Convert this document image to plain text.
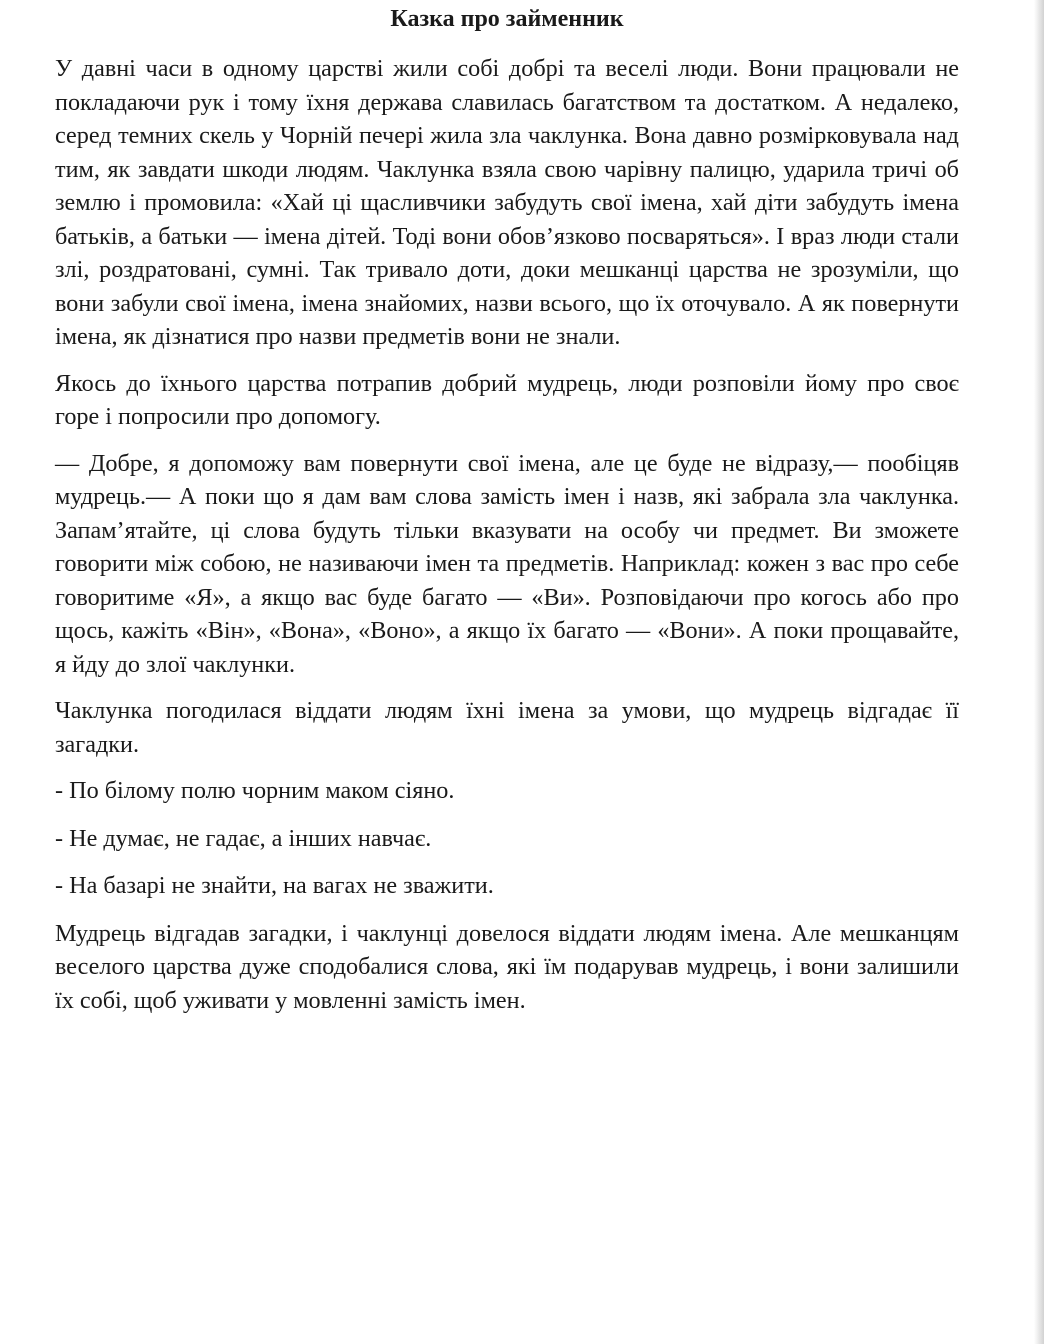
Казка про займенник

У давні часи в одному царстві жили собі добрі та веселі люди. Вони працювали не покладаючи рук і тому їхня держава славилась багатством та достатком. А недалеко, серед темних скель у Чорній печері жила зла чаклунка. Вона давно розмірковувала над тим, як завдати шкоди людям. Чаклунка взяла свою чарівну палицю, ударила тричі об землю і промовила: «Хай ці щасливчики забудуть свої імена, хай діти забудуть імена батьків, а батьки — імена дітей. Тоді вони обов’язково посваряться». І враз люди стали злі, роздратовані, сумні. Так тривало доти, доки мешканці царства не зрозуміли, що вони забули свої імена, імена знайомих, назви всього, що їх оточувало. А як повернути імена, як дізнатися про назви предметів вони не знали.

Якось до їхнього царства потрапив добрий мудрець, люди розповіли йому про своє горе і попросили про допомогу.

— Добре, я допоможу вам повернути свої імена, але це буде не відразу,— пообіцяв мудрець.— А поки що я дам вам слова замість імен і назв, які забрала зла чаклунка. Запам’ятайте, ці слова будуть тільки вказувати на особу чи предмет. Ви зможете говорити між собою, не називаючи імен та предметів. Наприклад: кожен з вас про себе говоритиме «Я», а якщо вас буде багато — «Ви». Розповідаючи про когось або про щось, кажіть «Він», «Вона», «Воно», а якщо їх багато — «Вони». А поки прощавайте, я йду до злої чаклунки.

Чаклунка погодилася віддати людям їхні імена за умови, що мудрець відгадає її загадки.

- По білому полю чорним маком сіяно.

- Не думає, не гадає, а інших навчає.

- На базарі не знайти, на вагах не зважити.

Мудрець відгадав загадки, і чаклунці довелося віддати людям імена. Але мешканцям веселого царства дуже сподобалися слова, які їм подарував мудрець, і вони залишили їх собі, щоб уживати у мовленні замість імен.
